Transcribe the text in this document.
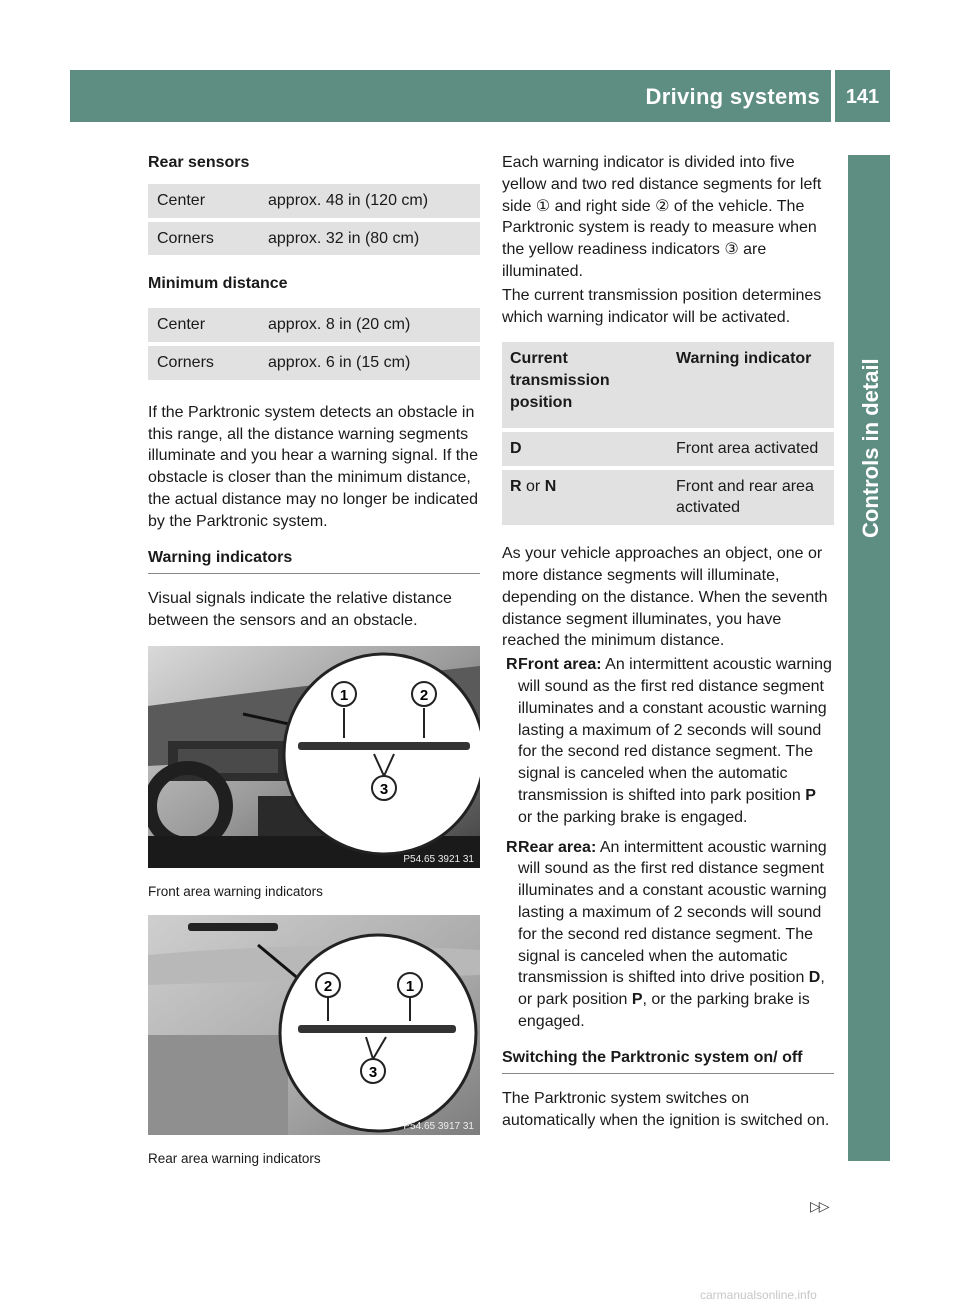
Driving systems	141
Controls in detail

Rear sensors

Center	approx. 48 in (120 cm)
Corners	approx. 32 in (80 cm)

Minimum distance

Center	approx. 8 in (20 cm)
Corners	approx. 6 in (15 cm)

If the Parktronic system detects an obstacle in this range, all the distance warning segments illuminate and you hear a warning signal. If the obstacle is closer than the minimum distance, the actual distance may no longer be indicated by the Parktronic system.

Warning indicators

Visual signals indicate the relative distance between the sensors and an obstacle.

1	2
3
P54.65 3921 31
Front area warning indicators
2	1
3
P54.65 3917 31
Rear area warning indicators

Each warning indicator is divided into five yellow and two red distance segments for left side ① and right side ② of the vehicle. The Parktronic system is ready to measure when the yellow readiness indicators ③ are illuminated.

The current transmission position determines which warning indicator will be activated.

Current transmission position	Warning indicator
D	Front area activated
R or N	Front and rear area activated

As your vehicle approaches an object, one or more distance segments will illuminate, depending on the distance. When the seventh distance segment illuminates, you have reached the minimum distance.

R Front area: An intermittent acoustic warning will sound as the first red distance segment illuminates and a constant acoustic warning lasting a maximum of 2 seconds will sound for the second red distance segment. The signal is canceled when the automatic transmission is shifted into park position P or the parking brake is engaged.
R Rear area: An intermittent acoustic warning will sound as the first red distance segment illuminates and a constant acoustic warning lasting a maximum of 2 seconds will sound for the second red distance segment. The signal is canceled when the automatic transmission is shifted into drive position D, or park position P, or the parking brake is engaged.

Switching the Parktronic system on/ off

The Parktronic system switches on automatically when the ignition is switched on.

▷▷
carmanualsonline.info
